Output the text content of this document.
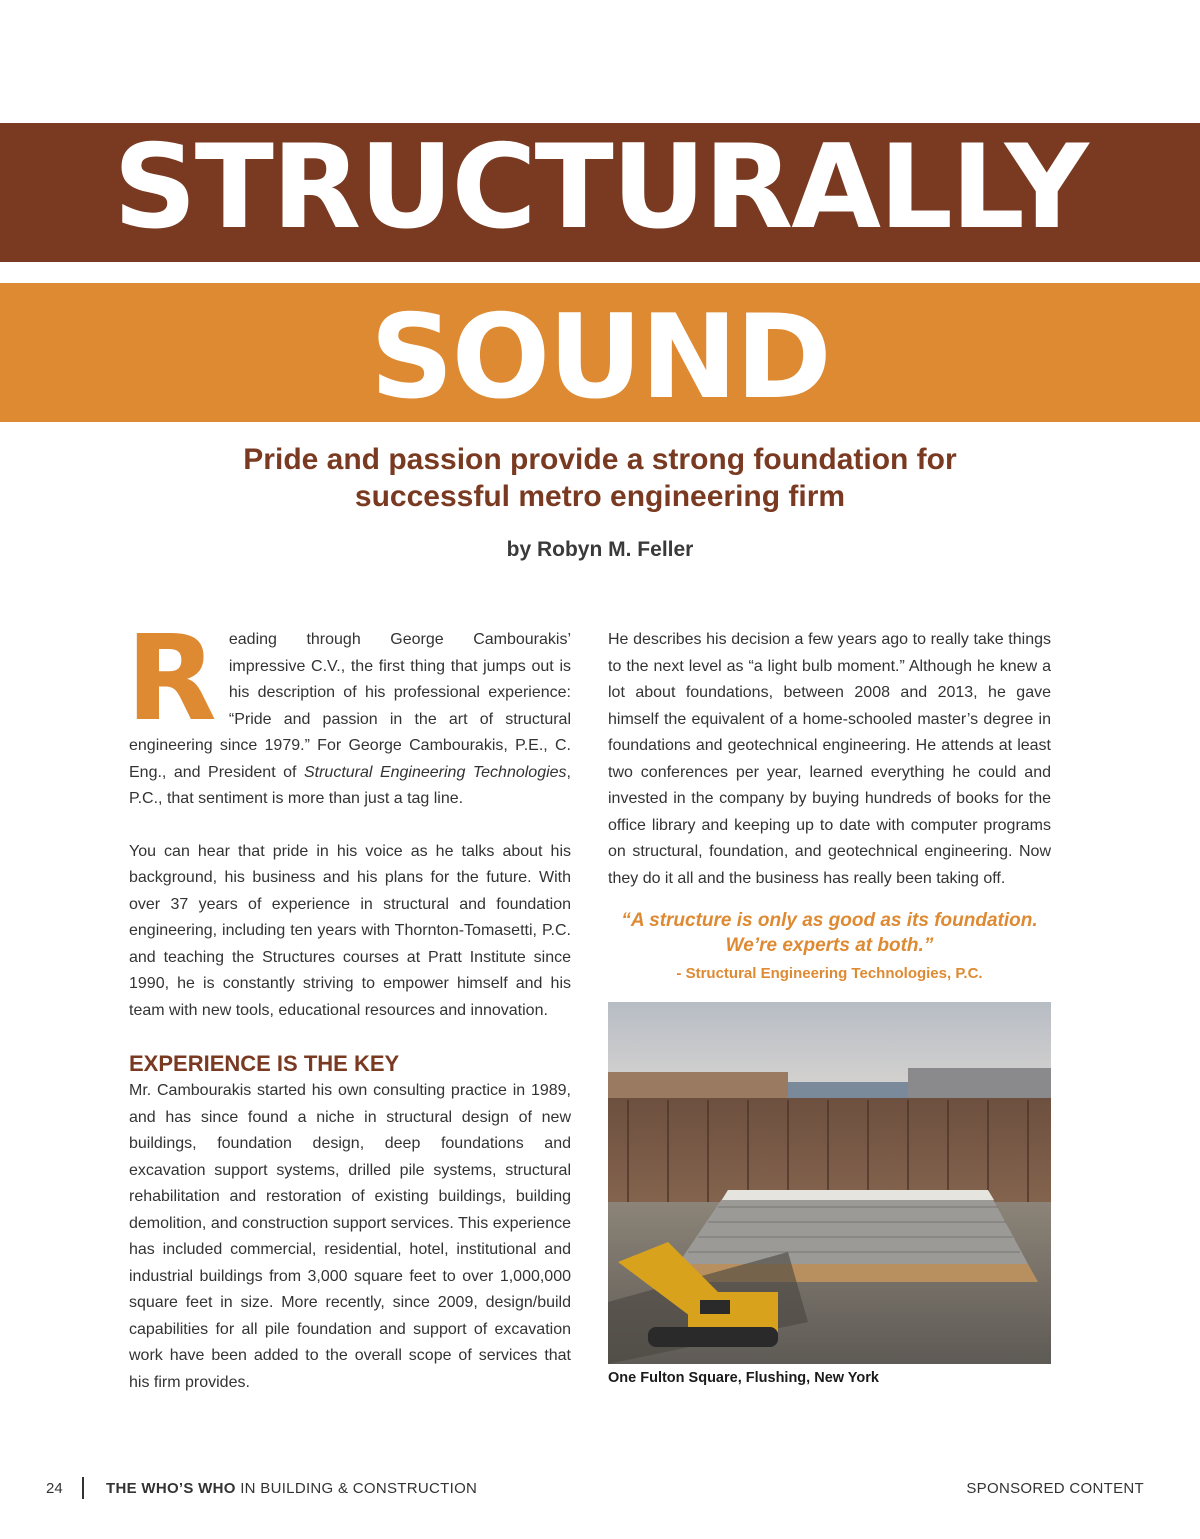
STRUCTURALLY
SOUND
Pride and passion provide a strong foundation for successful metro engineering firm
by Robyn M. Feller

Reading through George Cambourakis’ impressive C.V., the first thing that jumps out is his description of his professional experience: “Pride and passion in the art of structural engineering since 1979.” For George Cambourakis, P.E., C. Eng., and President of Structural Engineering Technologies, P.C., that sentiment is more than just a tag line.

You can hear that pride in his voice as he talks about his background, his business and his plans for the future. With over 37 years of experience in structural and foundation engineering, including ten years with Thornton-Tomasetti, P.C. and teaching the Structures courses at Pratt Institute since 1990, he is constantly striving to empower himself and his team with new tools, educational resources and innovation.

EXPERIENCE IS THE KEY

Mr. Cambourakis started his own consulting practice in 1989, and has since found a niche in structural design of new buildings, foundation design, deep foundations and excavation support systems, drilled pile systems, structural rehabilitation and restoration of existing buildings, building demolition, and construction support services. This experience has included commercial, residential, hotel, institutional and industrial buildings from 3,000 square feet to over 1,000,000 square feet in size. More recently, since 2009, design/build capabilities for all pile foundation and support of excavation work have been added to the overall scope of services that his firm provides.

He describes his decision a few years ago to really take things to the next level as “a light bulb moment.” Although he knew a lot about foundations, between 2008 and 2013, he gave himself the equivalent of a home-schooled master’s degree in foundations and geotechnical engineering. He attends at least two conferences per year, learned everything he could and invested in the company by buying hundreds of books for the office library and keeping up to date with computer programs on structural, foundation, and geotechnical engineering. Now they do it all and the business has really been taking off.

“A structure is only as good as its foundation. We’re experts at both.”
- Structural Engineering Technologies, P.C.
One Fulton Square, Flushing, New York
24	THE WHO’S WHO IN BUILDING & CONSTRUCTION	SPONSORED CONTENT
